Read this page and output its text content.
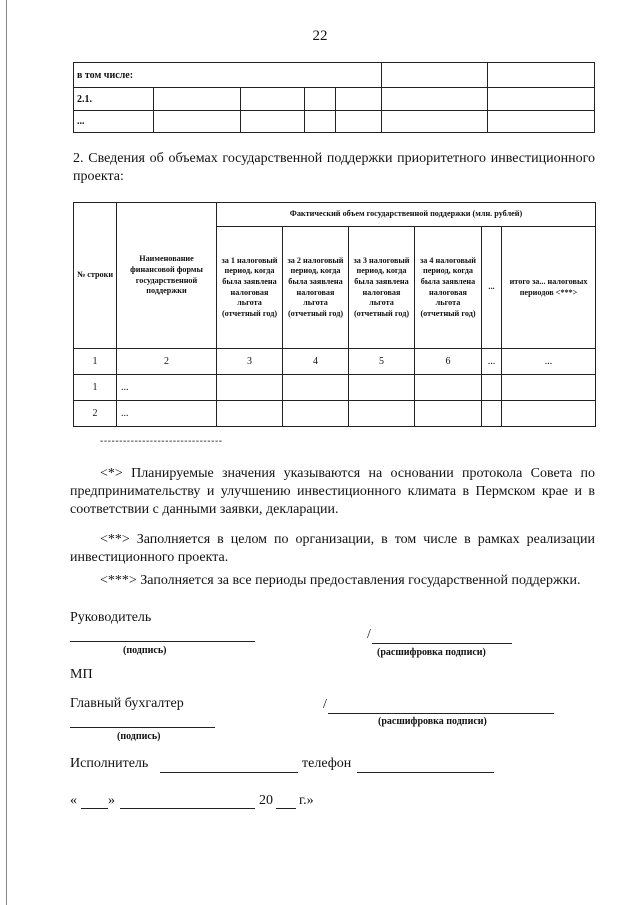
22
в том числе:						
2.1.						
...						
2. Сведения об объемах государственной поддержки приоритетного инвестиционного проекта:
№ строки	Наименование финансовой формы государственной поддержки	Фактический объем государственной поддержки (млн. рублей)					
		за 1 налоговый период, когда была заявлена налоговая льгота (отчетный год)	за 2 налоговый период, когда была заявлена налоговая льгота (отчетный год)	за 3 налоговый период, когда была заявлена налоговая льгота (отчетный год)	за 4 налоговый период, когда была заявлена налоговая льгота (отчетный год)	...	итого за... налоговых периодов <***>
1	2	3	4	5	6	...	...
1	...						
2	...						
--------------------------------
<*> Планируемые значения указываются на основании протокола Совета по предпринимательству и улучшению инвестиционного климата в Пермском крае и в соответствии с данными заявки, декларации.
<**> Заполняется в целом по организации, в том числе в рамках реализации инвестиционного проекта.
<***> Заполняется за все периоды предоставления государственной поддержки.
Руководитель
(подпись)
/
(расшифровка подписи)
МП
Главный бухгалтер	/
(расшифровка подписи)
(подпись)
Исполнитель	телефон
« »	20 г.»
